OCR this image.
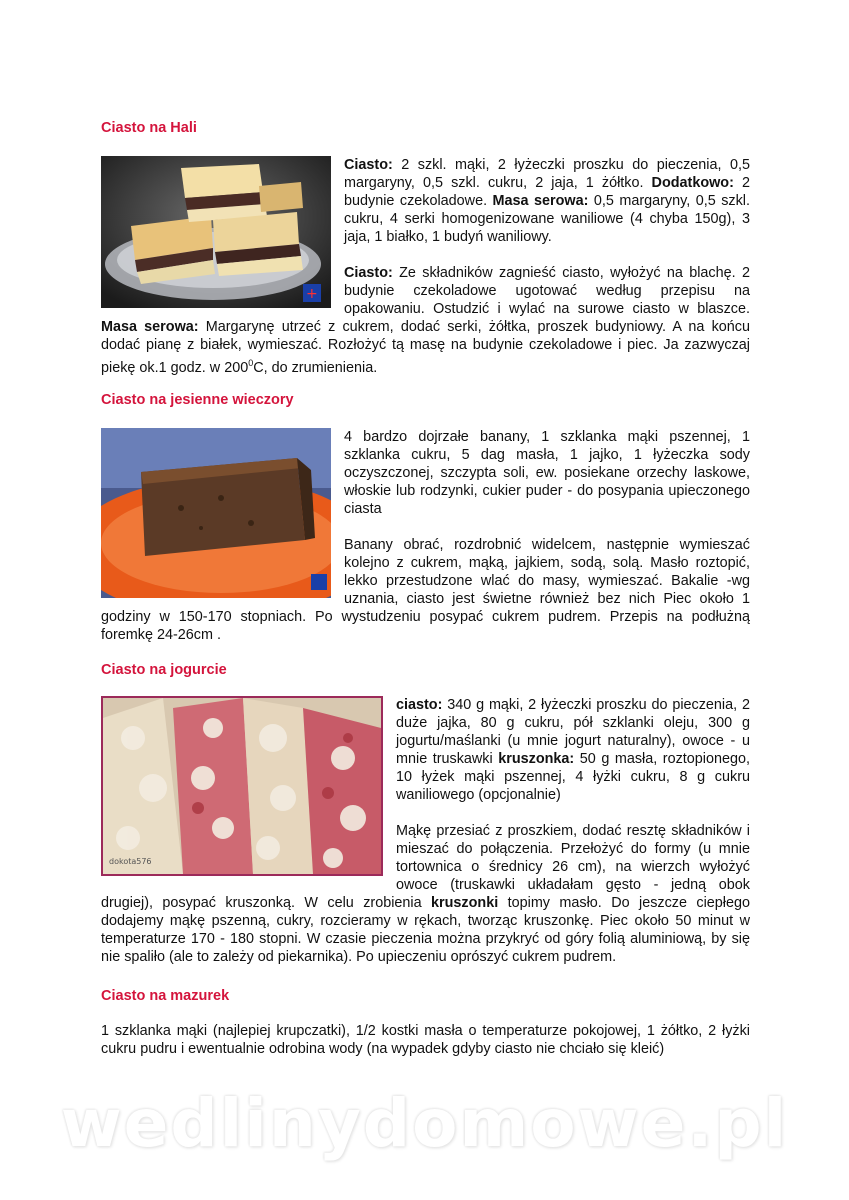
Ciasto na Hali
+

Ciasto: 2 szkl. mąki, 2 łyżeczki proszku do pieczenia, 0,5 margaryny, 0,5 szkl. cukru, 2 jaja, 1 żółtko. Dodatkowo: 2 budynie czekoladowe. Masa serowa: 0,5 margaryny, 0,5 szkl. cukru, 4 serki homogenizowane waniliowe (4 chyba 150g), 3 jaja, 1 białko, 1 budyń waniliowy.

Ciasto: Ze składników zagnieść ciasto, wyłożyć na blachę. 2 budynie czekoladowe ugotować według przepisu na opakowaniu. Ostudzić i wylać na surowe ciasto w blaszce. Masa serowa: Margarynę utrzeć z cukrem, dodać serki, żółtka, proszek budyniowy. A na końcu dodać pianę z białek, wymieszać. Rozłożyć tą masę na budynie czekoladowe i piec. Ja zazwyczaj piekę ok.1 godz. w $200^0C$, do zrumienienia.

Ciasto na jesienne wieczory

4 bardzo dojrzałe banany, 1 szklanka mąki pszennej, 1 szklanka cukru, 5 dag masła, 1 jajko, 1 łyżeczka sody oczyszczonej, szczypta soli, ew. posiekane orzechy laskowe, włoskie lub rodzynki, cukier puder - do posypania upieczonego ciasta

Banany obrać, rozdrobnić widelcem, następnie wymieszać kolejno z cukrem, mąką, jajkiem, sodą, solą. Masło roztopić, lekko przestudzone wlać do masy, wymieszać. Bakalie -wg uznania, ciasto jest świetne również bez nich Piec około 1 godziny w 150-170 stopniach. Po wystudzeniu posypać cukrem pudrem. Przepis na podłużną foremkę 24-26cm .

Ciasto na jogurcie
dokota576

ciasto: 340 g mąki, 2 łyżeczki proszku do pieczenia, 2 duże jajka, 80 g cukru, pół szklanki oleju, 300 g jogurtu/maślanki (u mnie jogurt naturalny), owoce - u mnie truskawki kruszonka: 50 g masła, roztopionego, 10 łyżek mąki pszennej, 4 łyżki cukru, 8 g cukru waniliowego (opcjonalnie)

Mąkę przesiać z proszkiem, dodać resztę składników i mieszać do połączenia. Przełożyć do formy (u mnie tortownica o średnicy 26 cm), na wierzch wyłożyć owoce (truskawki układałam gęsto - jedną obok drugiej), posypać kruszonką. W celu zrobienia kruszonki topimy masło. Do jeszcze ciepłego dodajemy mąkę pszenną, cukry, rozcieramy w rękach, tworząc kruszonkę. Piec około 50 minut w temperaturze 170 - 180 stopni. W czasie pieczenia można przykryć od góry folią aluminiową, by się nie spaliło (ale to zależy od piekarnika). Po upieczeniu oprószyć cukrem pudrem.

Ciasto na mazurek

1 szklanka mąki (najlepiej krupczatki), 1/2 kostki masła o temperaturze pokojowej, 1 żółtko, 2 łyżki cukru pudru i ewentualnie odrobina wody (na wypadek gdyby ciasto nie chciało się kleić)

wedlinydomowe.pl
